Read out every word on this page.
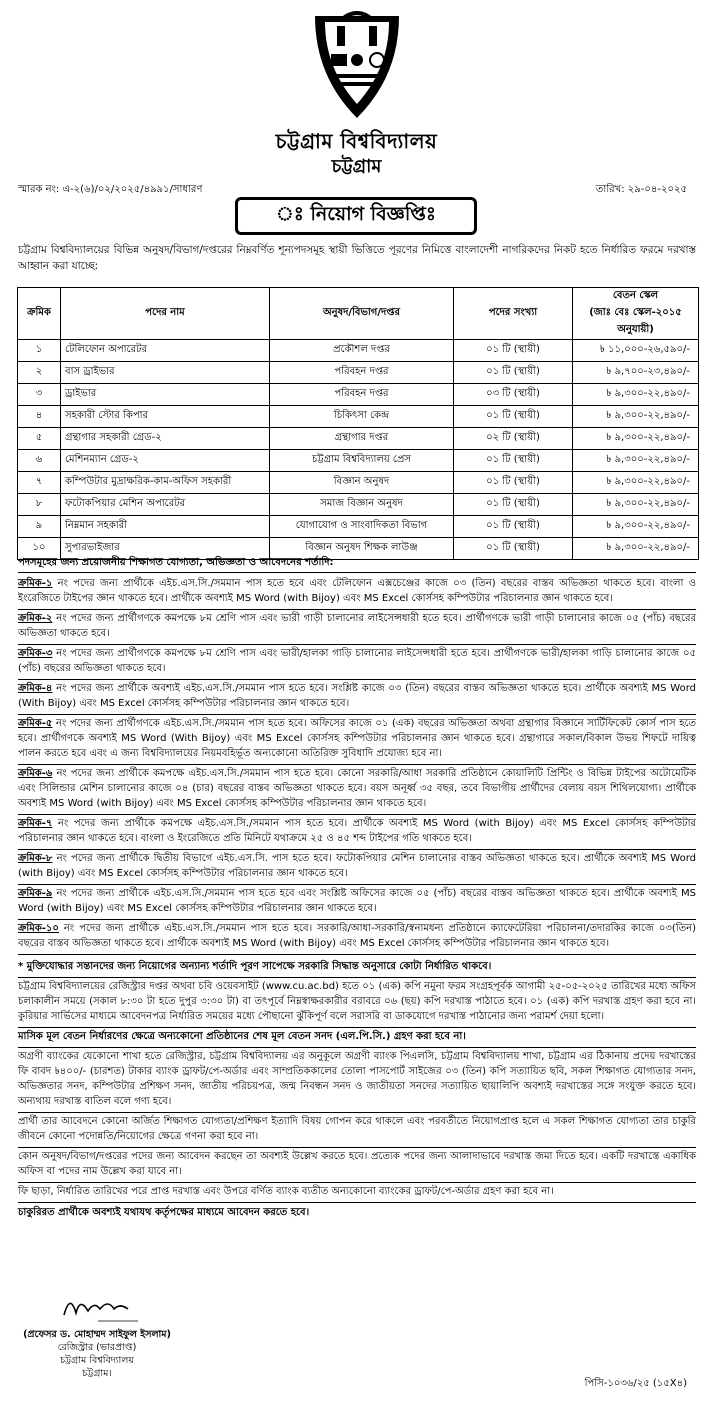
চট্টগ্রাম বিশ্ববিদ্যালয়
চট্টগ্রাম
স্মারক নং: এ-২(৬)/০২/২০২৫/৪৯৯১/সাধারণ	তারিখ: ২৯-০৪-২০২৫
ঃ নিয়োগ বিজ্ঞপ্তিঃ
চট্টগ্রাম বিশ্ববিদ্যালয়ের বিভিন্ন অনুষদ/বিভাগ/দপ্তরের নিম্নবর্ণিত শূন্যপদসমূহ স্থায়ী ভিত্তিতে পূরণের নিমিত্তে বাংলাদেশী নাগরিকদের নিকট হতে নির্ধারিত ফরমে দরখাস্ত আহ্বান করা যাচ্ছে:
ক্রমিক	পদের নাম	অনুষদ/বিভাগ/দপ্তর	পদের সংখ্যা	বেতন স্কেল
(জাঃ বেঃ স্কেল-২০১৫ অনুযায়ী)

১	টেলিফোন অপারেটর	প্রকৌশল দপ্তর	০১ টি (স্থায়ী)	৳ ১১,০০০-২৬,৫৯০/-
২	বাস ড্রাইভার	পরিবহন দপ্তর	০১ টি (স্থায়ী)	৳ ৯,৭০০-২৩,৪৯০/-
৩	ড্রাইভার	পরিবহন দপ্তর	০৩ টি (স্থায়ী)	৳ ৯,৩০০-২২,৪৯০/-
৪	সহকারী স্টোর কিপার	চিকিৎসা কেন্দ্র	০১ টি (স্থায়ী)	৳ ৯,৩০০-২২,৪৯০/-
৫	গ্রন্থাগার সহকারী গ্রেড-২	গ্রন্থাগার দপ্তর	০২ টি (স্থায়ী)	৳ ৯,৩০০-২২,৪৯০/-
৬	মেশিনম্যান গ্রেড-২	চট্টগ্রাম বিশ্ববিদ্যালয় প্রেস	০১ টি (স্থায়ী)	৳ ৯,৩০০-২২,৪৯০/-
৭	কম্পিউটার মুদ্রাক্ষরিক-কাম-অফিস সহকারী	বিজ্ঞান অনুষদ	০১ টি (স্থায়ী)	৳ ৯,৩০০-২২,৪৯০/-
৮	ফটোকপিয়ার মেশিন অপারেটর	সমাজ বিজ্ঞান অনুষদ	০১ টি (স্থায়ী)	৳ ৯,৩০০-২২,৪৯০/-
৯	নিম্নমান সহকারী	যোগাযোগ ও সাংবাদিকতা বিভাগ	০১ টি (স্থায়ী)	৳ ৯,৩০০-২২,৪৯০/-
১০	সুপারভাইজার	বিজ্ঞান অনুষদ শিক্ষক লাউঞ্জ	০১ টি (স্থায়ী)	৳ ৯,৩০০-২২,৪৯০/-
পদসমূহের জন্য প্রয়োজনীয় শিক্ষাগত যোগ্যতা, অভিজ্ঞতা ও আবেদনের শর্তাদি:
ক্রমিক-১ নং পদের জন্য প্রার্থীকে এইচ.এস.সি./সমমান পাস হতে হবে এবং টেলিফোন এক্সচেঞ্জের কাজে ০৩ (তিন) বছরের বাস্তব অভিজ্ঞতা থাকতে হবে। বাংলা ও ইংরেজিতে টাইপের জ্ঞান থাকতে হবে। প্রার্থীকে অবশ্যই MS Word (with Bijoy) এবং MS Excel কোর্সসহ কম্পিউটার পরিচালনার জ্ঞান থাকতে হবে।
ক্রমিক-২ নং পদের জন্য প্রার্থীগণকে কমপক্ষে ৮ম শ্রেণি পাস এবং ভারী গাড়ী চালানোর লাইসেন্সধারী হতে হবে। প্রার্থীগণকে ভারী গাড়ী চালানোর কাজে ০৫ (পাঁচ) বছরের অভিজ্ঞতা থাকতে হবে।
ক্রমিক-৩ নং পদের জন্য প্রার্থীগণকে কমপক্ষে ৮ম শ্রেণি পাস এবং ভারী/হালকা গাড়ি চালানোর লাইসেন্সধারী হতে হবে। প্রার্থীগণকে ভারী/হালকা গাড়ি চালানোর কাজে ০৫ (পাঁচ) বছরের অভিজ্ঞতা থাকতে হবে।
ক্রমিক-৪ নং পদের জন্য প্রার্থীকে অবশ্যই এইচ.এস.সি./সমমান পাস হতে হবে। সংশ্লিষ্ট কাজে ০৩ (তিন) বছরের বাস্তব অভিজ্ঞতা থাকতে হবে। প্রার্থীকে অবশ্যই MS Word (With Bijoy) এবং MS Excel কোর্সসহ কম্পিউটার পরিচালনার জ্ঞান থাকতে হবে।
ক্রমিক-৫ নং পদের জন্য প্রার্থীগণকে এইচ.এস.সি./সমমান পাস হতে হবে। অফিসের কাজে ০১ (এক) বছরের অভিজ্ঞতা অথবা গ্রন্থাগার বিজ্ঞানে সার্টিফিকেট কোর্স পাস হতে হবে। প্রার্থীগণকে অবশ্যই MS Word (With Bijoy) এবং MS Excel কোর্সসহ কম্পিউটার পরিচালনার জ্ঞান থাকতে হবে। গ্রন্থাগারে সকাল/বিকাল উভয় শিফটে দায়িত্ব পালন করতে হবে এবং এ জন্য বিশ্ববিদ্যালয়ের নিয়মবহির্ভূত অন্যকোনো অতিরিক্ত সুবিধাদি প্রযোজ্য হবে না।
ক্রমিক-৬ নং পদের জন্য প্রার্থীকে কমপক্ষে এইচ.এস.সি./সমমান পাস হতে হবে। কোনো সরকারি/আধা সরকারি প্রতিষ্ঠানে কোয়ালিটি প্রিন্টিং ও বিভিন্ন টাইপের অটোমেটিক এবং সিলিন্ডার মেশিন চালানোর কাজে ০৪ (চার) বছরের বাস্তব অভিজ্ঞতা থাকতে হবে। বয়স অনূর্ধ্ব ৩৫ বছর, তবে বিভাগীয় প্রার্থীদের বেলায় বয়স শিথিলযোগ্য। প্রার্থীকে অবশ্যই MS Word (with Bijoy) এবং MS Excel কোর্সসহ কম্পিউটার পরিচালনার জ্ঞান থাকতে হবে।
ক্রমিক-৭ নং পদের জন্য প্রার্থীকে কমপক্ষে এইচ.এস.সি./সমমান পাস হতে হবে। প্রার্থীকে অবশ্যই MS Word (with Bijoy) এবং MS Excel কোর্সসহ কম্পিউটার পরিচালনার জ্ঞান থাকতে হবে। বাংলা ও ইংরেজিতে প্রতি মিনিটে যথাক্রমে ২৫ ও ৪৫ শব্দ টাইপের গতি থাকতে হবে।
ক্রমিক-৮ নং পদের জন্য প্রার্থীকে দ্বিতীয় বিভাগে এইচ.এস.সি. পাস হতে হবে। ফটোকপিয়ার মেশিন চালানোর বাস্তব অভিজ্ঞতা থাকতে হবে। প্রার্থীকে অবশ্যই MS Word (with Bijoy) এবং MS Excel কোর্সসহ কম্পিউটার পরিচালনার জ্ঞান থাকতে হবে।
ক্রমিক-৯ নং পদের জন্য প্রার্থীকে এইচ.এস.সি./সমমান পাস হতে হবে এবং সংশ্লিষ্ট অফিসের কাজে ০৫ (পাঁচ) বছরের বাস্তব অভিজ্ঞতা থাকতে হবে। প্রার্থীকে অবশ্যই MS Word (with Bijoy) এবং MS Excel কোর্সসহ কম্পিউটার পরিচালনার জ্ঞান থাকতে হবে।
ক্রমিক-১০ নং পদের জন্য প্রার্থীকে এইচ.এস.সি./সমমান পাস হতে হবে। সরকারি/আধা-সরকারি/স্বনামধন্য প্রতিষ্ঠানে ক্যাফেটেরিয়া পরিচালনা/তদারকির কাজে ০৩(তিন) বছরের বাস্তব অভিজ্ঞতা থাকতে হবে। প্রার্থীকে অবশ্যই MS Word (with Bijoy) এবং MS Excel কোর্সসহ কম্পিউটার পরিচালনার জ্ঞান থাকতে হবে।
* মুক্তিযোদ্ধার সন্তানদের জন্য নিয়োগের অন্যান্য শর্তাদি পূরণ সাপেক্ষে সরকারি সিদ্ধান্ত অনুসারে কোটা নির্ধারিত থাকবে।
চট্টগ্রাম বিশ্ববিদ্যালয়ের রেজিস্ট্রার দপ্তর অথবা চবি ওয়েবসাইট (www.cu.ac.bd) হতে ০১ (এক) কপি নমুনা ফরম সংগ্রহপূর্বক আগামী ২৫-০৫-২০২৫ তারিখের মধ্যে অফিস চলাকালীন সময়ে (সকাল ৮:৩০ টা হতে দুপুর ৩:৩০ টা) বা তৎপূর্বে নিম্নস্বাক্ষরকারীর বরাবরে ০৬ (ছয়) কপি দরখাস্ত পাঠাতে হবে। ০১ (এক) কপি দরখাস্ত গ্রহণ করা হবে না। কুরিয়ার সার্ভিসের মাধ্যমে আবেদনপত্র নির্ধারিত সময়ের মধ্যে পৌছানো ঝুঁকিপূর্ণ বলে সরাসরি বা ডাকযোগে দরখাস্ত পাঠানোর জন্য পরামর্শ দেয়া হলো।
মাসিক মূল বেতন নির্ধারণের ক্ষেত্রে অন্যকোনো প্রতিষ্ঠানের শেষ মূল বেতন সনদ (এল.পি.সি.) গ্রহণ করা হবে না।
অগ্রণী ব্যাংকের যেকোনো শাখা হতে রেজিস্ট্রার, চট্টগ্রাম বিশ্ববিদ্যালয় এর অনুকূলে অগ্রণী ব্যাংক পিএলসি, চট্টগ্রাম বিশ্ববিদ্যালয় শাখা, চট্টগ্রাম এর ঠিকানায় প্রদেয় দরখাস্তের ফি বাবদ ৳৪০০/- (চারশত) টাকার ব্যাংক ড্রাফট/পে-অর্ডার এবং সাম্প্রতিককালের তোলা পাসপোর্ট সাইজের ০৩ (তিন) কপি সত্যায়িত ছবি, সকল শিক্ষাগত যোগ্যতার সনদ, অভিজ্ঞতার সনদ, কম্পিউটার প্রশিক্ষণ সনদ, জাতীয় পরিচয়পত্র, জন্ম নিবন্ধন সনদ ও জাতীয়তা সনদের সত্যায়িত ছায়ালিপি অবশ্যই দরখাস্তের সঙ্গে সংযুক্ত করতে হবে। অন্যথায় দরখাস্ত বাতিল বলে গণ্য হবে।
প্রার্থী তার আবেদনে কোনো অর্জিত শিক্ষাগত যোগ্যতা/প্রশিক্ষণ ইত্যাদি বিষয় গোপন করে থাকলে এবং পরবর্তীতে নিয়োগপ্রাপ্ত হলে এ সকল শিক্ষাগত যোগ্যতা তার চাকুরি জীবনে কোনো পদোন্নতি/নিয়োগের ক্ষেত্রে গণনা করা হবে না।
কোন অনুষদ/বিভাগ/দপ্তরের পদের জন্য আবেদন করছেন তা অবশ্যই উল্লেখ করতে হবে। প্রত্যেক পদের জন্য আলাদাভাবে দরখাস্ত জমা দিতে হবে। একটি দরখাস্তে একাধিক অফিস বা পদের নাম উল্লেখ করা যাবে না।
ফি ছাড়া, নির্ধারিত তারিখের পরে প্রাপ্ত দরখাস্ত এবং উপরে বর্ণিত ব্যাংক ব্যতীত অন্যকোনো ব্যাংকের ড্রাফট/পে-অর্ডার গ্রহণ করা হবে না।
চাকুরিরত প্রার্থীকে অবশ্যই যথাযথ কর্তৃপক্ষের মাধ্যমে আবেদন করতে হবে।
(প্রফেসর ড. মোহাম্মদ সাইফুল ইসলাম)
রেজিস্ট্রার (ভারপ্রাপ্ত)
চট্টগ্রাম বিশ্ববিদ্যালয়
চট্টগ্রাম।
পিসি-১০৩৬/২৫ (১৫X৪)
